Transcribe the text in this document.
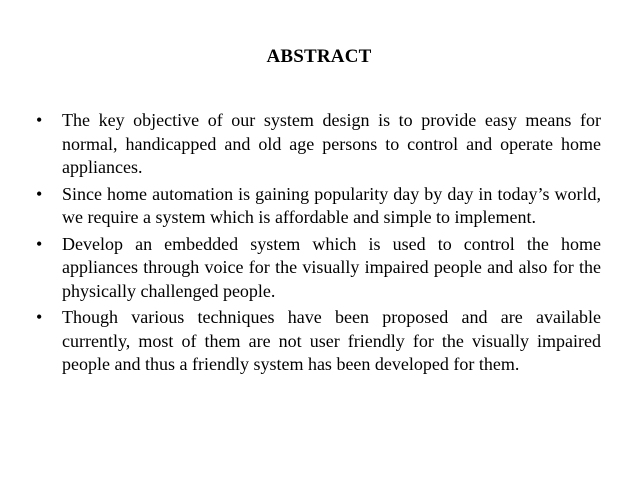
ABSTRACT
•	The key objective of our system design is to provide easy means for normal, handicapped and old age persons to control and operate home appliances.
•	Since home automation is gaining popularity day by day in today’s world, we require a system which is affordable and simple to implement.
•	Develop an embedded system which is used to control the home appliances through voice for the visually impaired people and also for the physically challenged people.
•	Though various techniques have been proposed and are available currently, most of them are not user friendly for the visually impaired people and thus a friendly system has been developed for them.
